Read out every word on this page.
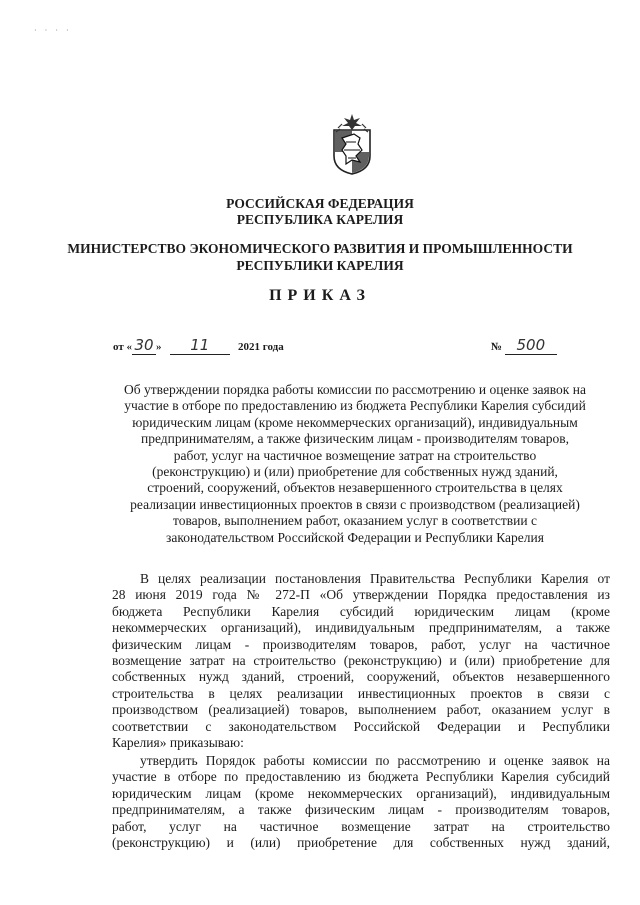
· · · ·
РОССИЙСКАЯ ФЕДЕРАЦИЯ
РЕСПУБЛИКА КАРЕЛИЯ
МИНИСТЕРСТВО ЭКОНОМИЧЕСКОГО РАЗВИТИЯ И ПРОМЫШЛЕННОСТИ
РЕСПУБЛИКИ КАРЕЛИЯ
ПРИКАЗ
от « 30 » 11	2021 года	№ 500
Об утверждении порядка работы комиссии по рассмотрению и оценке заявок на
участие в отборе по предоставлению из бюджета Республики Карелия субсидий
юридическим лицам (кроме некоммерческих организаций), индивидуальным
предпринимателям, а также физическим лицам - производителям товаров,
работ, услуг на частичное возмещение затрат на строительство
(реконструкцию) и (или) приобретение для собственных нужд зданий,
строений, сооружений, объектов незавершенного строительства в целях
реализации инвестиционных проектов в связи с производством (реализацией)
товаров, выполнением работ, оказанием услуг в соответствии с
законодательством Российской Федерации и Республики Карелия
В целях реализации постановления Правительства Республики Карелия от
28 июня 2019 года № 272-П «Об утверждении Порядка предоставления из
бюджета Республики Карелия субсидий юридическим лицам (кроме
некоммерческих организаций), индивидуальным предпринимателям, а также
физическим лицам - производителям товаров, работ, услуг на частичное
возмещение затрат на строительство (реконструкцию) и (или) приобретение для
собственных нужд зданий, строений, сооружений, объектов незавершенного
строительства в целях реализации инвестиционных проектов в связи с
производством (реализацией) товаров, выполнением работ, оказанием услуг в
соответствии с законодательством Российской Федерации и Республики
Карелия» приказываю:
утвердить Порядок работы комиссии по рассмотрению и оценке заявок на
участие в отборе по предоставлению из бюджета Республики Карелия субсидий
юридическим лицам (кроме некоммерческих организаций), индивидуальным
предпринимателям, а также физическим лицам - производителям товаров,
работ, услуг на частичное возмещение затрат на строительство
(реконструкцию) и (или) приобретение для собственных нужд зданий,
